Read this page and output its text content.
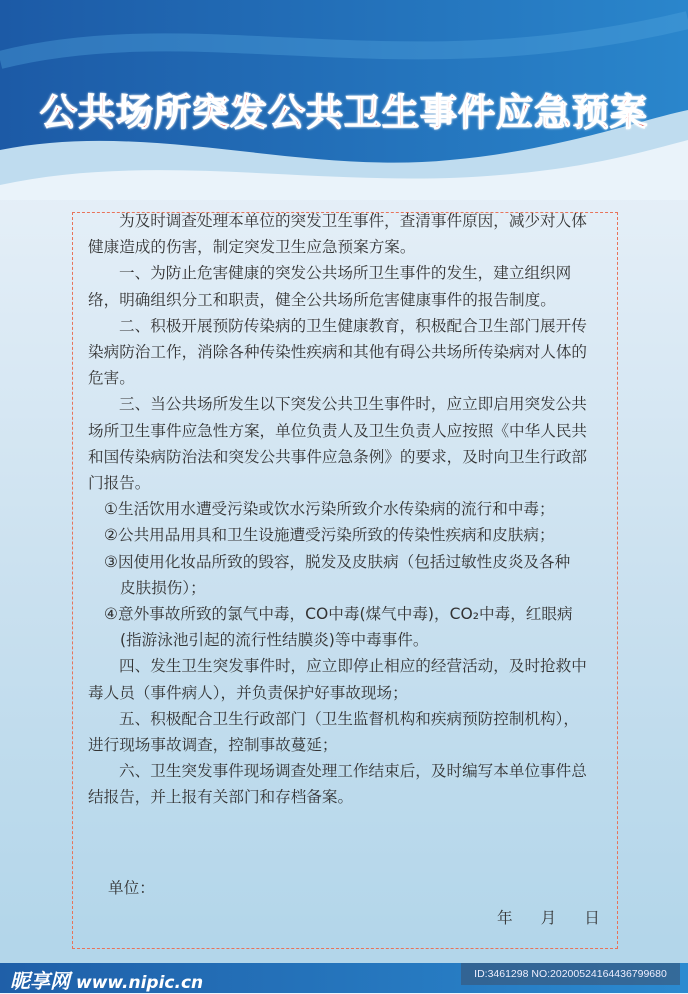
公共场所突发公共卫生事件应急预案
为及时调查处理本单位的突发卫生事件，查清事件原因，减少对人体
健康造成的伤害，制定突发卫生应急预案方案。
一、为防止危害健康的突发公共场所卫生事件的发生，建立组织网
络，明确组织分工和职责，健全公共场所危害健康事件的报告制度。
二、积极开展预防传染病的卫生健康教育，积极配合卫生部门展开传
染病防治工作，消除各种传染性疾病和其他有碍公共场所传染病对人体的
危害。
三、当公共场所发生以下突发公共卫生事件时，应立即启用突发公共
场所卫生事件应急性方案，单位负责人及卫生负责人应按照《中华人民共
和国传染病防治法和突发公共事件应急条例》的要求，及时向卫生行政部
门报告。
①生活饮用水遭受污染或饮水污染所致介水传染病的流行和中毒；
②公共用品用具和卫生设施遭受污染所致的传染性疾病和皮肤病；
③因使用化妆品所致的毁容，脱发及皮肤病（包括过敏性皮炎及各种
皮肤损伤）；
④意外事故所致的氯气中毒，CO中毒(煤气中毒)，CO₂中毒，红眼病
(指游泳池引起的流行性结膜炎)等中毒事件。
四、发生卫生突发事件时，应立即停止相应的经营活动，及时抢救中
毒人员（事件病人），并负责保护好事故现场；
五、积极配合卫生行政部门（卫生监督机构和疾病预防控制机构），
进行现场事故调查，控制事故蔓延；
六、卫生突发事件现场调查处理工作结束后，及时编写本单位事件总
结报告，并上报有关部门和存档备案。
单位：
年 月 日
昵享网 www.nipic.cn	ID:3461298 NO:20200524164436799680
